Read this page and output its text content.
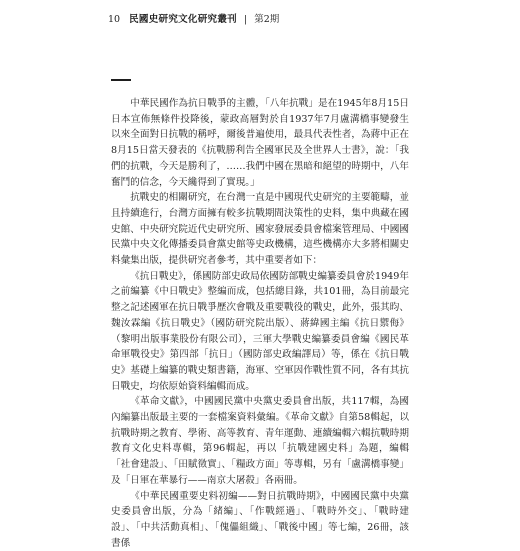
10 民國史研究文化研究叢刊 | 第2期

中華民國作為抗日戰爭的主體，「八年抗戰」是在1945年8月15日日本宣佈無條件投降後，蒙政高層對於自1937年7月盧溝橋事變發生以來全面對日抗戰的稱呼，爾後普遍使用，最具代表性者，為蔣中正在8月15日當天發表的《抗戰勝利告全國軍民及全世界人士書》，說：「我們的抗戰，今天是勝利了，……我們中國在黑暗和絕望的時期中，八年奮鬥的信念，今天纔得到了實現。」

抗戰史的相關研究，在台灣一直是中國現代史研究的主要範疇，並且持續進行，台灣方面擁有較多抗戰期間決策性的史料，集中典藏在國史館、中央研究院近代史研究所、國家發展委員會檔案管理局、中國國民黨中央文化傳播委員會黨史館等史政機構，這些機構亦大多將相關史料彙集出版，提供研究者參考，其中重要者如下：

《抗日戰史》，係國防部史政局依國防部戰史編纂委員會於1949年之前編纂《中日戰史》整編而成，包括總目錄，共101冊，為目前最完整之記述國軍在抗日戰爭歷次會戰及重要戰役的戰史，此外，張其昀、魏汝霖編《抗日戰史》（國防研究院出版）、蔣緯國主編《抗日禦侮》（黎明出版事業股份有限公司），三軍大學戰史編纂委員會編《國民革命軍戰役史》第四部「抗日」（國防部史政編譯局）等，係在《抗日戰史》基礎上編纂的戰史類書籍，海軍、空軍因作戰性質不同，各有其抗日戰史，均依原始資料編輯而成。

《革命文獻》，中國國民黨中央黨史委員會出版，共117輯，為國內編纂出版最主要的一套檔案資料彙編。《革命文獻》自第58輯起，以抗戰時期之教育、學術、高等教育、青年運動、連續編輯六輯抗戰時期教育文化史料專輯，第96輯起，再以「抗戰建國史料」為題，編輯「社會建設」、「田賦徵實」、「糧政方面」等專輯，另有「盧溝橋事變」及「日軍在華暴行——南京大屠殺」各兩冊。

《中華民國重要史料初編——對日抗戰時期》，中國國民黨中央黨史委員會出版，分為「緒編」、「作戰經過」、「戰時外交」、「戰時建設」、「中共活動真相」、「傀儡組織」、「戰後中國」等七編，26冊，該書係
